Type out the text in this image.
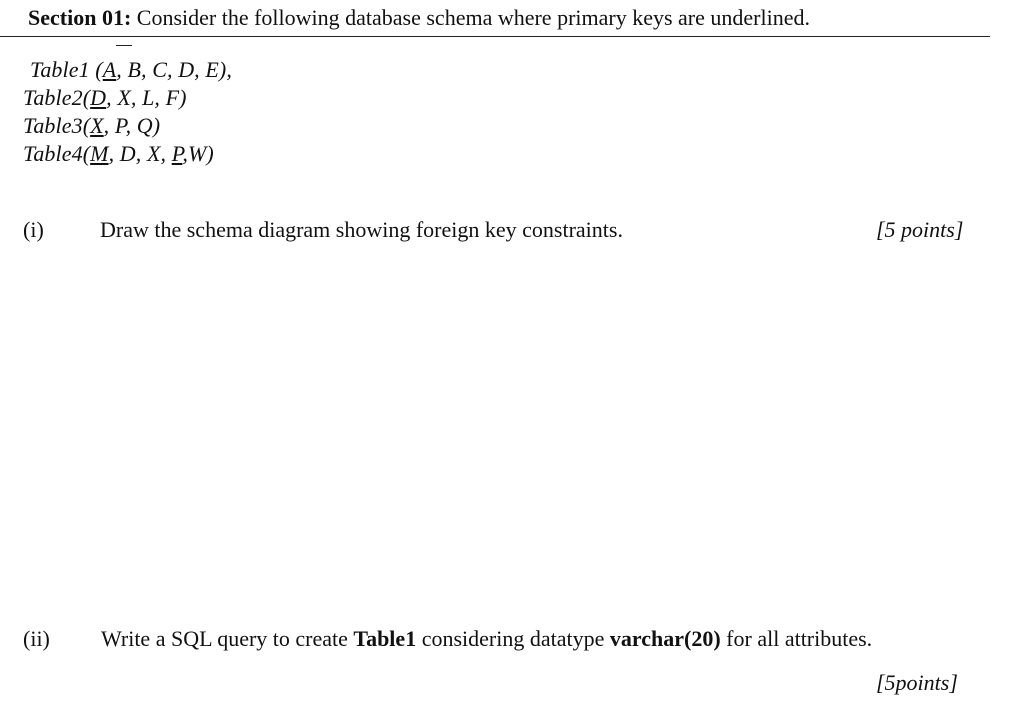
Section 01: Consider the following database schema where primary keys are underlined.
Table1 (A, B, C, D, E),
Table2(D, X, L, F)
Table3(X, P, Q)
Table4(M, D, X, P,W)
(i)	Draw the schema diagram showing foreign key constraints.	[5 points]
(ii) Write a SQL query to create Table1 considering datatype varchar(20) for all attributes.
[5points]
